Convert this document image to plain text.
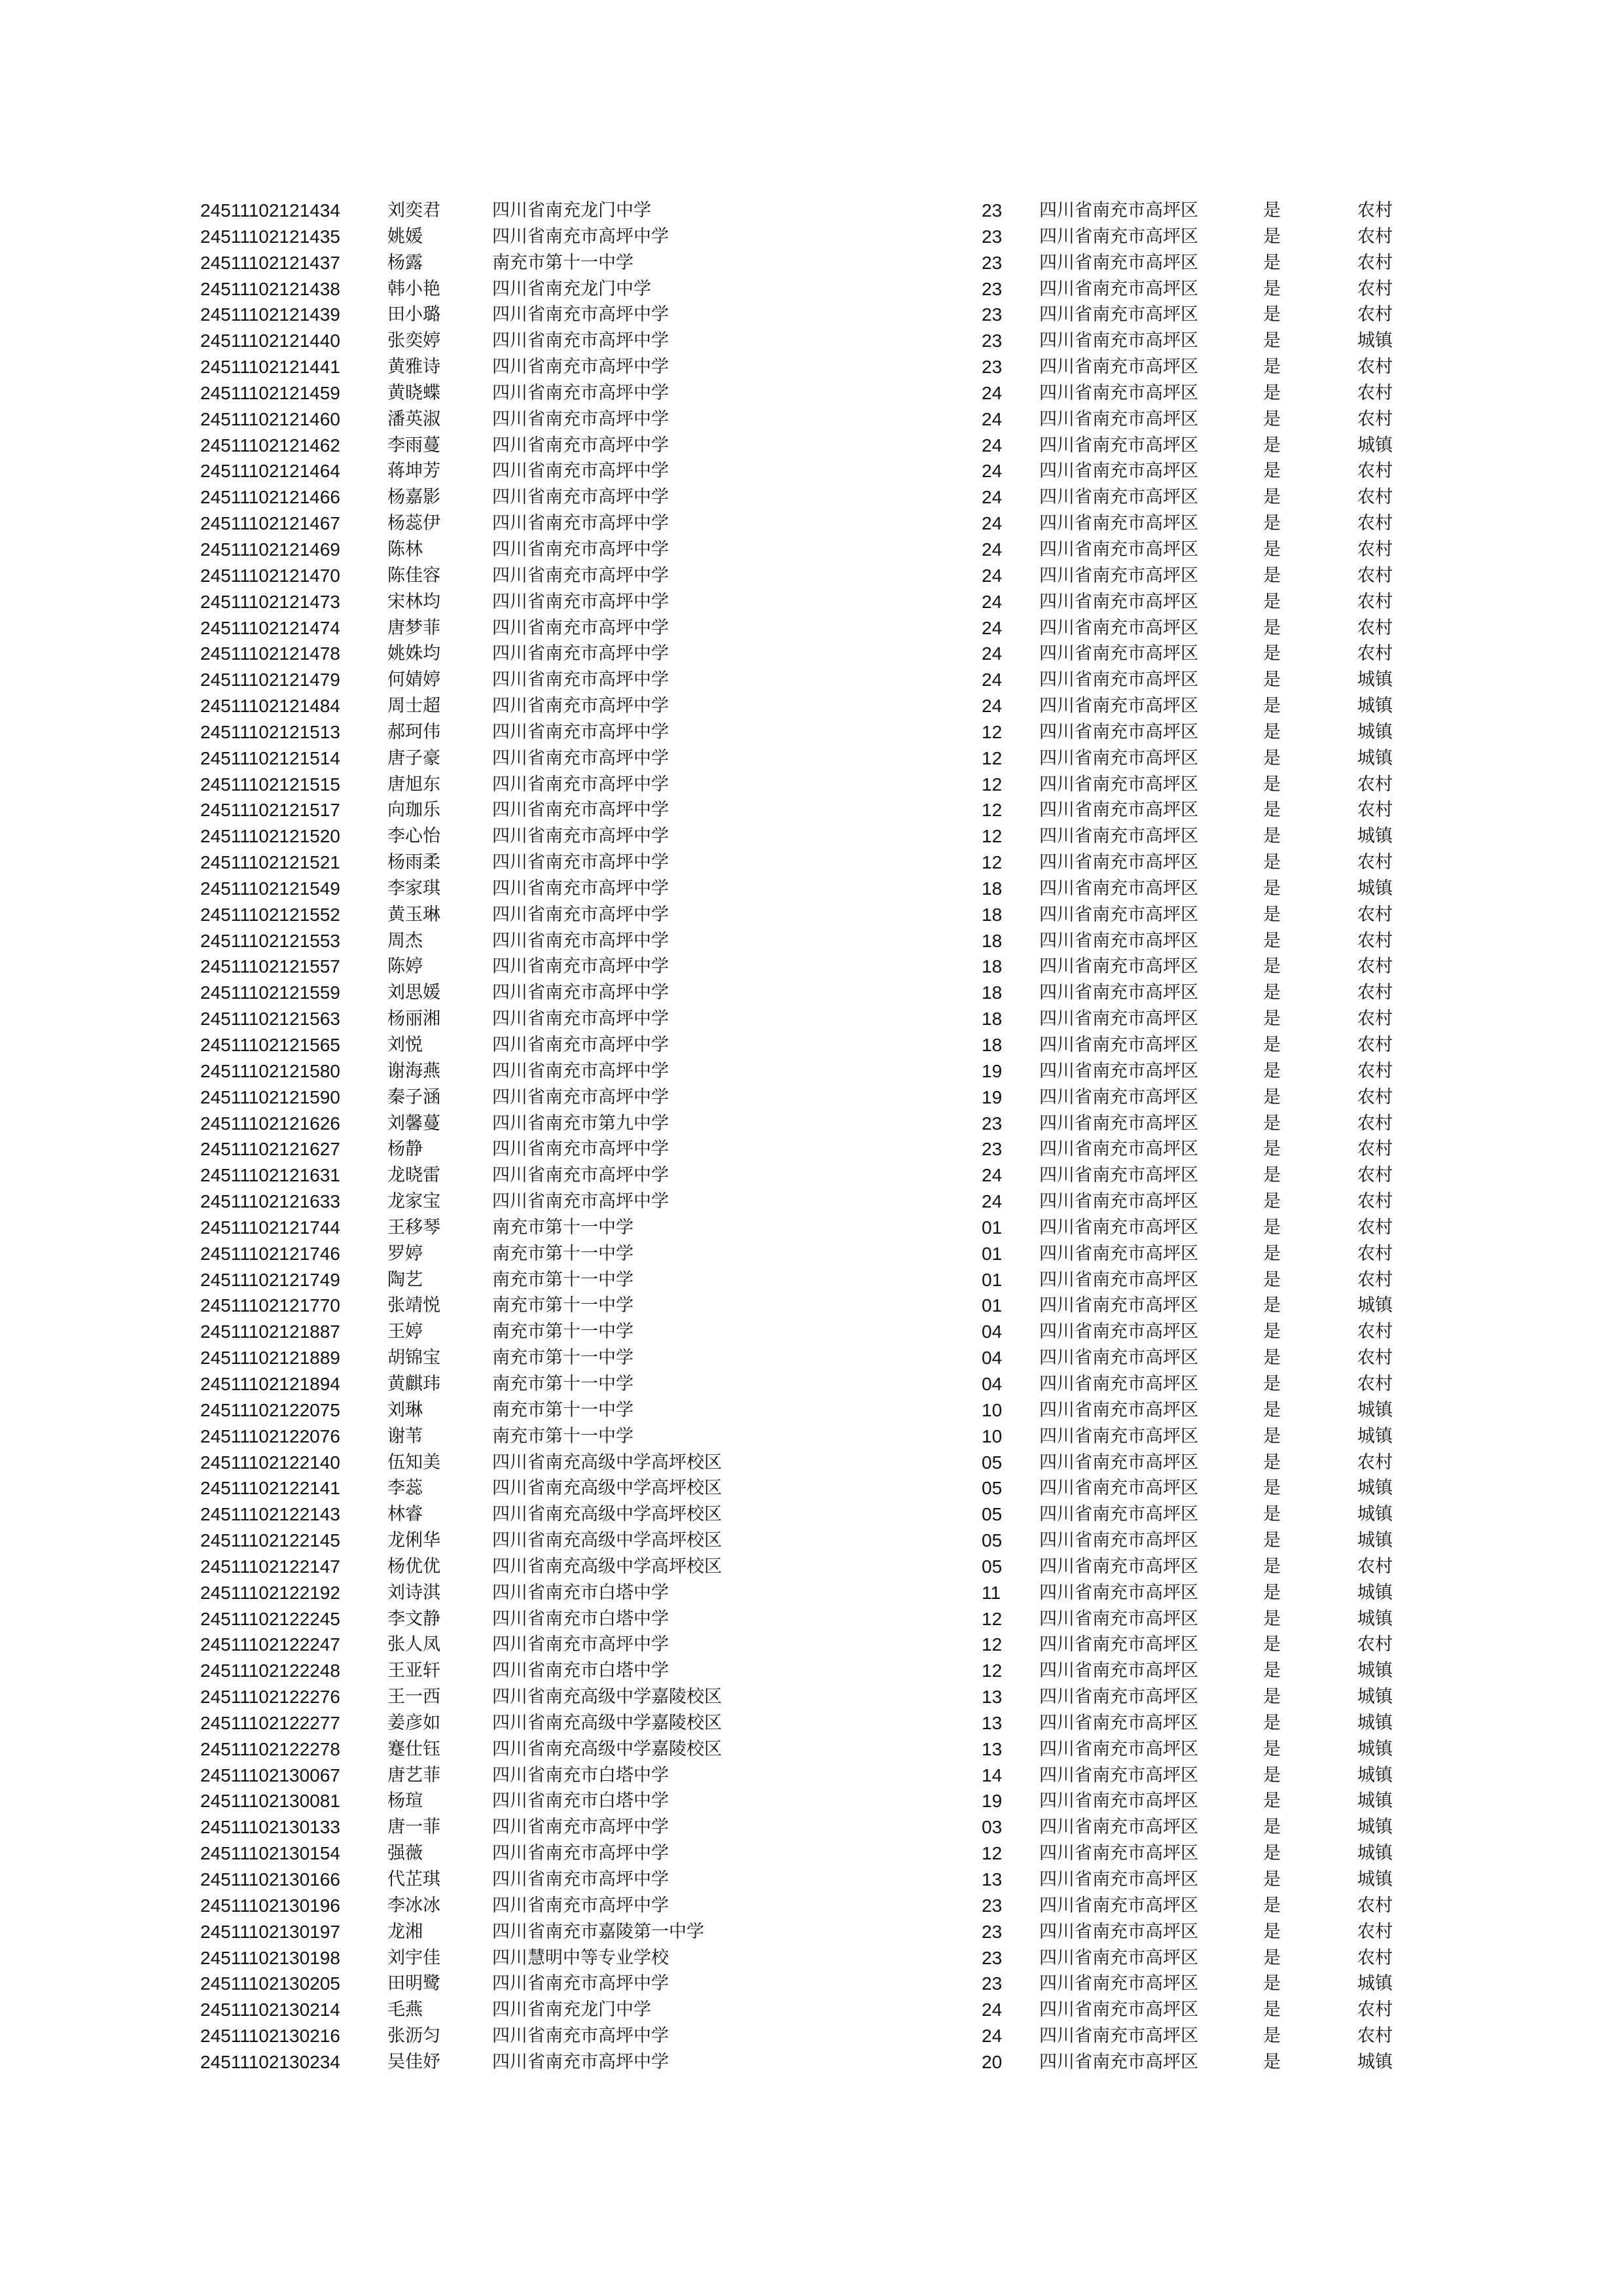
24511102121434	刘奕君	四川省南充龙门中学	23 四川省南充市高坪区	是	农村
24511102121435	姚媛	四川省南充市高坪中学	23 四川省南充市高坪区	是	农村
24511102121437	杨露	南充市第十一中学	23 四川省南充市高坪区	是	农村
24511102121438	韩小艳	四川省南充龙门中学	23 四川省南充市高坪区	是	农村
24511102121439	田小璐	四川省南充市高坪中学	23 四川省南充市高坪区	是	农村
24511102121440	张奕婷	四川省南充市高坪中学	23 四川省南充市高坪区	是	城镇
24511102121441	黄雅诗	四川省南充市高坪中学	23 四川省南充市高坪区	是	农村
24511102121459	黄晓蝶	四川省南充市高坪中学	24 四川省南充市高坪区	是	农村
24511102121460	潘英淑	四川省南充市高坪中学	24 四川省南充市高坪区	是	农村
24511102121462	李雨蔓	四川省南充市高坪中学	24 四川省南充市高坪区	是	城镇
24511102121464	蒋坤芳	四川省南充市高坪中学	24 四川省南充市高坪区	是	农村
24511102121466	杨嘉影	四川省南充市高坪中学	24 四川省南充市高坪区	是	农村
24511102121467	杨蕊伊	四川省南充市高坪中学	24 四川省南充市高坪区	是	农村
24511102121469	陈林	四川省南充市高坪中学	24 四川省南充市高坪区	是	农村
24511102121470	陈佳容	四川省南充市高坪中学	24 四川省南充市高坪区	是	农村
24511102121473	宋林均	四川省南充市高坪中学	24 四川省南充市高坪区	是	农村
24511102121474	唐梦菲	四川省南充市高坪中学	24 四川省南充市高坪区	是	农村
24511102121478	姚姝均	四川省南充市高坪中学	24 四川省南充市高坪区	是	农村
24511102121479	何婧婷	四川省南充市高坪中学	24 四川省南充市高坪区	是	城镇
24511102121484	周士超	四川省南充市高坪中学	24 四川省南充市高坪区	是	城镇
24511102121513	郝珂伟	四川省南充市高坪中学	12 四川省南充市高坪区	是	城镇
24511102121514	唐子豪	四川省南充市高坪中学	12 四川省南充市高坪区	是	城镇
24511102121515	唐旭东	四川省南充市高坪中学	12 四川省南充市高坪区	是	农村
24511102121517	向珈乐	四川省南充市高坪中学	12 四川省南充市高坪区	是	农村
24511102121520	李心怡	四川省南充市高坪中学	12 四川省南充市高坪区	是	城镇
24511102121521	杨雨柔	四川省南充市高坪中学	12 四川省南充市高坪区	是	农村
24511102121549	李家琪	四川省南充市高坪中学	18 四川省南充市高坪区	是	城镇
24511102121552	黄玉琳	四川省南充市高坪中学	18 四川省南充市高坪区	是	农村
24511102121553	周杰	四川省南充市高坪中学	18 四川省南充市高坪区	是	农村
24511102121557	陈婷	四川省南充市高坪中学	18 四川省南充市高坪区	是	农村
24511102121559	刘思媛	四川省南充市高坪中学	18 四川省南充市高坪区	是	农村
24511102121563	杨丽湘	四川省南充市高坪中学	18 四川省南充市高坪区	是	农村
24511102121565	刘悦	四川省南充市高坪中学	18 四川省南充市高坪区	是	农村
24511102121580	谢海燕	四川省南充市高坪中学	19 四川省南充市高坪区	是	农村
24511102121590	秦子涵	四川省南充市高坪中学	19 四川省南充市高坪区	是	农村
24511102121626	刘馨蔓	四川省南充市第九中学	23 四川省南充市高坪区	是	农村
24511102121627	杨静	四川省南充市高坪中学	23 四川省南充市高坪区	是	农村
24511102121631	龙晓雷	四川省南充市高坪中学	24 四川省南充市高坪区	是	农村
24511102121633	龙家宝	四川省南充市高坪中学	24 四川省南充市高坪区	是	农村
24511102121744	王移琴	南充市第十一中学	01 四川省南充市高坪区	是	农村
24511102121746	罗婷	南充市第十一中学	01 四川省南充市高坪区	是	农村
24511102121749	陶艺	南充市第十一中学	01 四川省南充市高坪区	是	农村
24511102121770	张靖悦	南充市第十一中学	01 四川省南充市高坪区	是	城镇
24511102121887	王婷	南充市第十一中学	04 四川省南充市高坪区	是	农村
24511102121889	胡锦宝	南充市第十一中学	04 四川省南充市高坪区	是	农村
24511102121894	黄麒玮	南充市第十一中学	04 四川省南充市高坪区	是	农村
24511102122075	刘琳	南充市第十一中学	10 四川省南充市高坪区	是	城镇
24511102122076	谢苇	南充市第十一中学	10 四川省南充市高坪区	是	城镇
24511102122140	伍知美	四川省南充高级中学高坪校区	05 四川省南充市高坪区	是	农村
24511102122141	李蕊	四川省南充高级中学高坪校区	05 四川省南充市高坪区	是	城镇
24511102122143	林睿	四川省南充高级中学高坪校区	05 四川省南充市高坪区	是	城镇
24511102122145	龙俐华	四川省南充高级中学高坪校区	05 四川省南充市高坪区	是	城镇
24511102122147	杨优优	四川省南充高级中学高坪校区	05 四川省南充市高坪区	是	农村
24511102122192	刘诗淇	四川省南充市白塔中学	11 四川省南充市高坪区	是	城镇
24511102122245	李文静	四川省南充市白塔中学	12 四川省南充市高坪区	是	城镇
24511102122247	张人凤	四川省南充市高坪中学	12 四川省南充市高坪区	是	农村
24511102122248	王亚轩	四川省南充市白塔中学	12 四川省南充市高坪区	是	城镇
24511102122276	王一西	四川省南充高级中学嘉陵校区	13 四川省南充市高坪区	是	城镇
24511102122277	姜彦如	四川省南充高级中学嘉陵校区	13 四川省南充市高坪区	是	城镇
24511102122278	蹇仕钰	四川省南充高级中学嘉陵校区	13 四川省南充市高坪区	是	城镇
24511102130067	唐艺菲	四川省南充市白塔中学	14 四川省南充市高坪区	是	城镇
24511102130081	杨瑄	四川省南充市白塔中学	19 四川省南充市高坪区	是	城镇
24511102130133	唐一菲	四川省南充市高坪中学	03 四川省南充市高坪区	是	城镇
24511102130154	强薇	四川省南充市高坪中学	12 四川省南充市高坪区	是	城镇
24511102130166	代芷琪	四川省南充市高坪中学	13 四川省南充市高坪区	是	城镇
24511102130196	李冰冰	四川省南充市高坪中学	23 四川省南充市高坪区	是	农村
24511102130197	龙湘	四川省南充市嘉陵第一中学	23 四川省南充市高坪区	是	农村
24511102130198	刘宇佳	四川慧明中等专业学校	23 四川省南充市高坪区	是	农村
24511102130205	田明鹭	四川省南充市高坪中学	23 四川省南充市高坪区	是	城镇
24511102130214	毛燕	四川省南充龙门中学	24 四川省南充市高坪区	是	农村
24511102130216	张沥匀	四川省南充市高坪中学	24 四川省南充市高坪区	是	农村
24511102130234	吴佳妤	四川省南充市高坪中学	20 四川省南充市高坪区	是	城镇
